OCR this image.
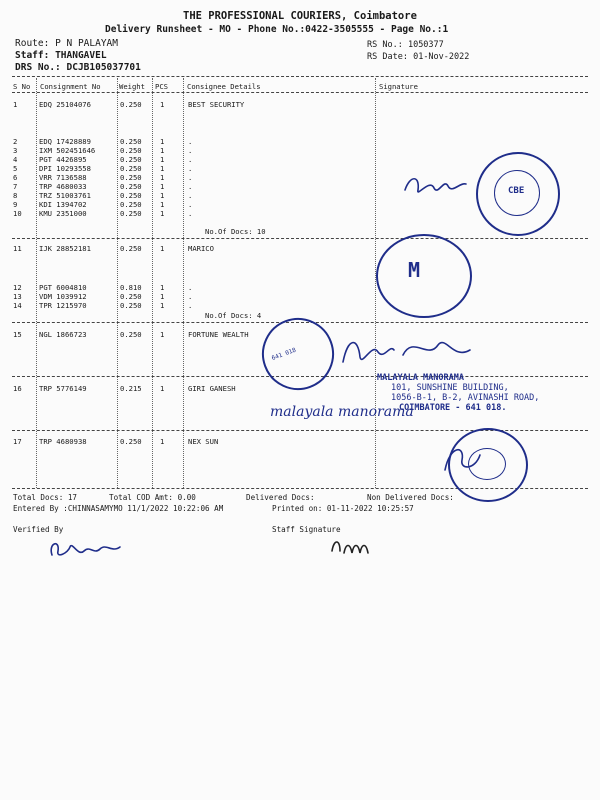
THE PROFESSIONAL COURIERS, Coimbatore
Delivery Runsheet - MO - Phone No.:0422-3505555 - Page No.:1
Route: P N PALAYAM
Staff: THANGAVEL
DRS No.: DCJB105037701
RS No.: 1050377
RS Date: 01-Nov-2022
S No Consignment No	Weight PCS	Consignee Details	Signature
1	EDQ 25104076	0.250	1	BEST SECURITY
2	EDQ 17428889	0.250	1	.
3	IXM 502451646	0.250	1	.
4	PGT 4426895	0.250	1	.
5	DPI 10293558	0.250	1	.
6	VRR 7136588	0.250	1	.
7	TRP 4680033	0.250	1	.
8	TRZ 51003761	0.250	1	.
9	KDI 1394702	0.250	1	.
10 KMU 2351000	0.250	1	.
No.Of Docs: 10
11 IJK 28852181	0.250	1	MARICO
12 PGT 6004810	0.810	1	.
13 VDM 1039912	0.250	1	.
14 TPR 1215970	0.250	1	.
No.Of Docs: 4
15 NGL 1866723	0.250	1	FORTUNE WEALTH
16 TRP 5776149	0.215	1	GIRI GANESH
17 TRP 4680938	0.250	1	NEX SUN
Total Docs: 17	Total COD Amt: 0.00	Delivered Docs:	Non Delivered Docs:
Entered By :CHINNASAMYMO 11/1/2022 10:22:06 AM	Printed on: 01-11-2022 10:25:57
Verified By	Staff Signature
CBE
M
641 018
MALAYALA MANORAMA
101, SUNSHINE BUILDING,
1056-B-1, B-2, AVINASHI ROAD,
COIMBATORE - 641 018.
malayala manorama
